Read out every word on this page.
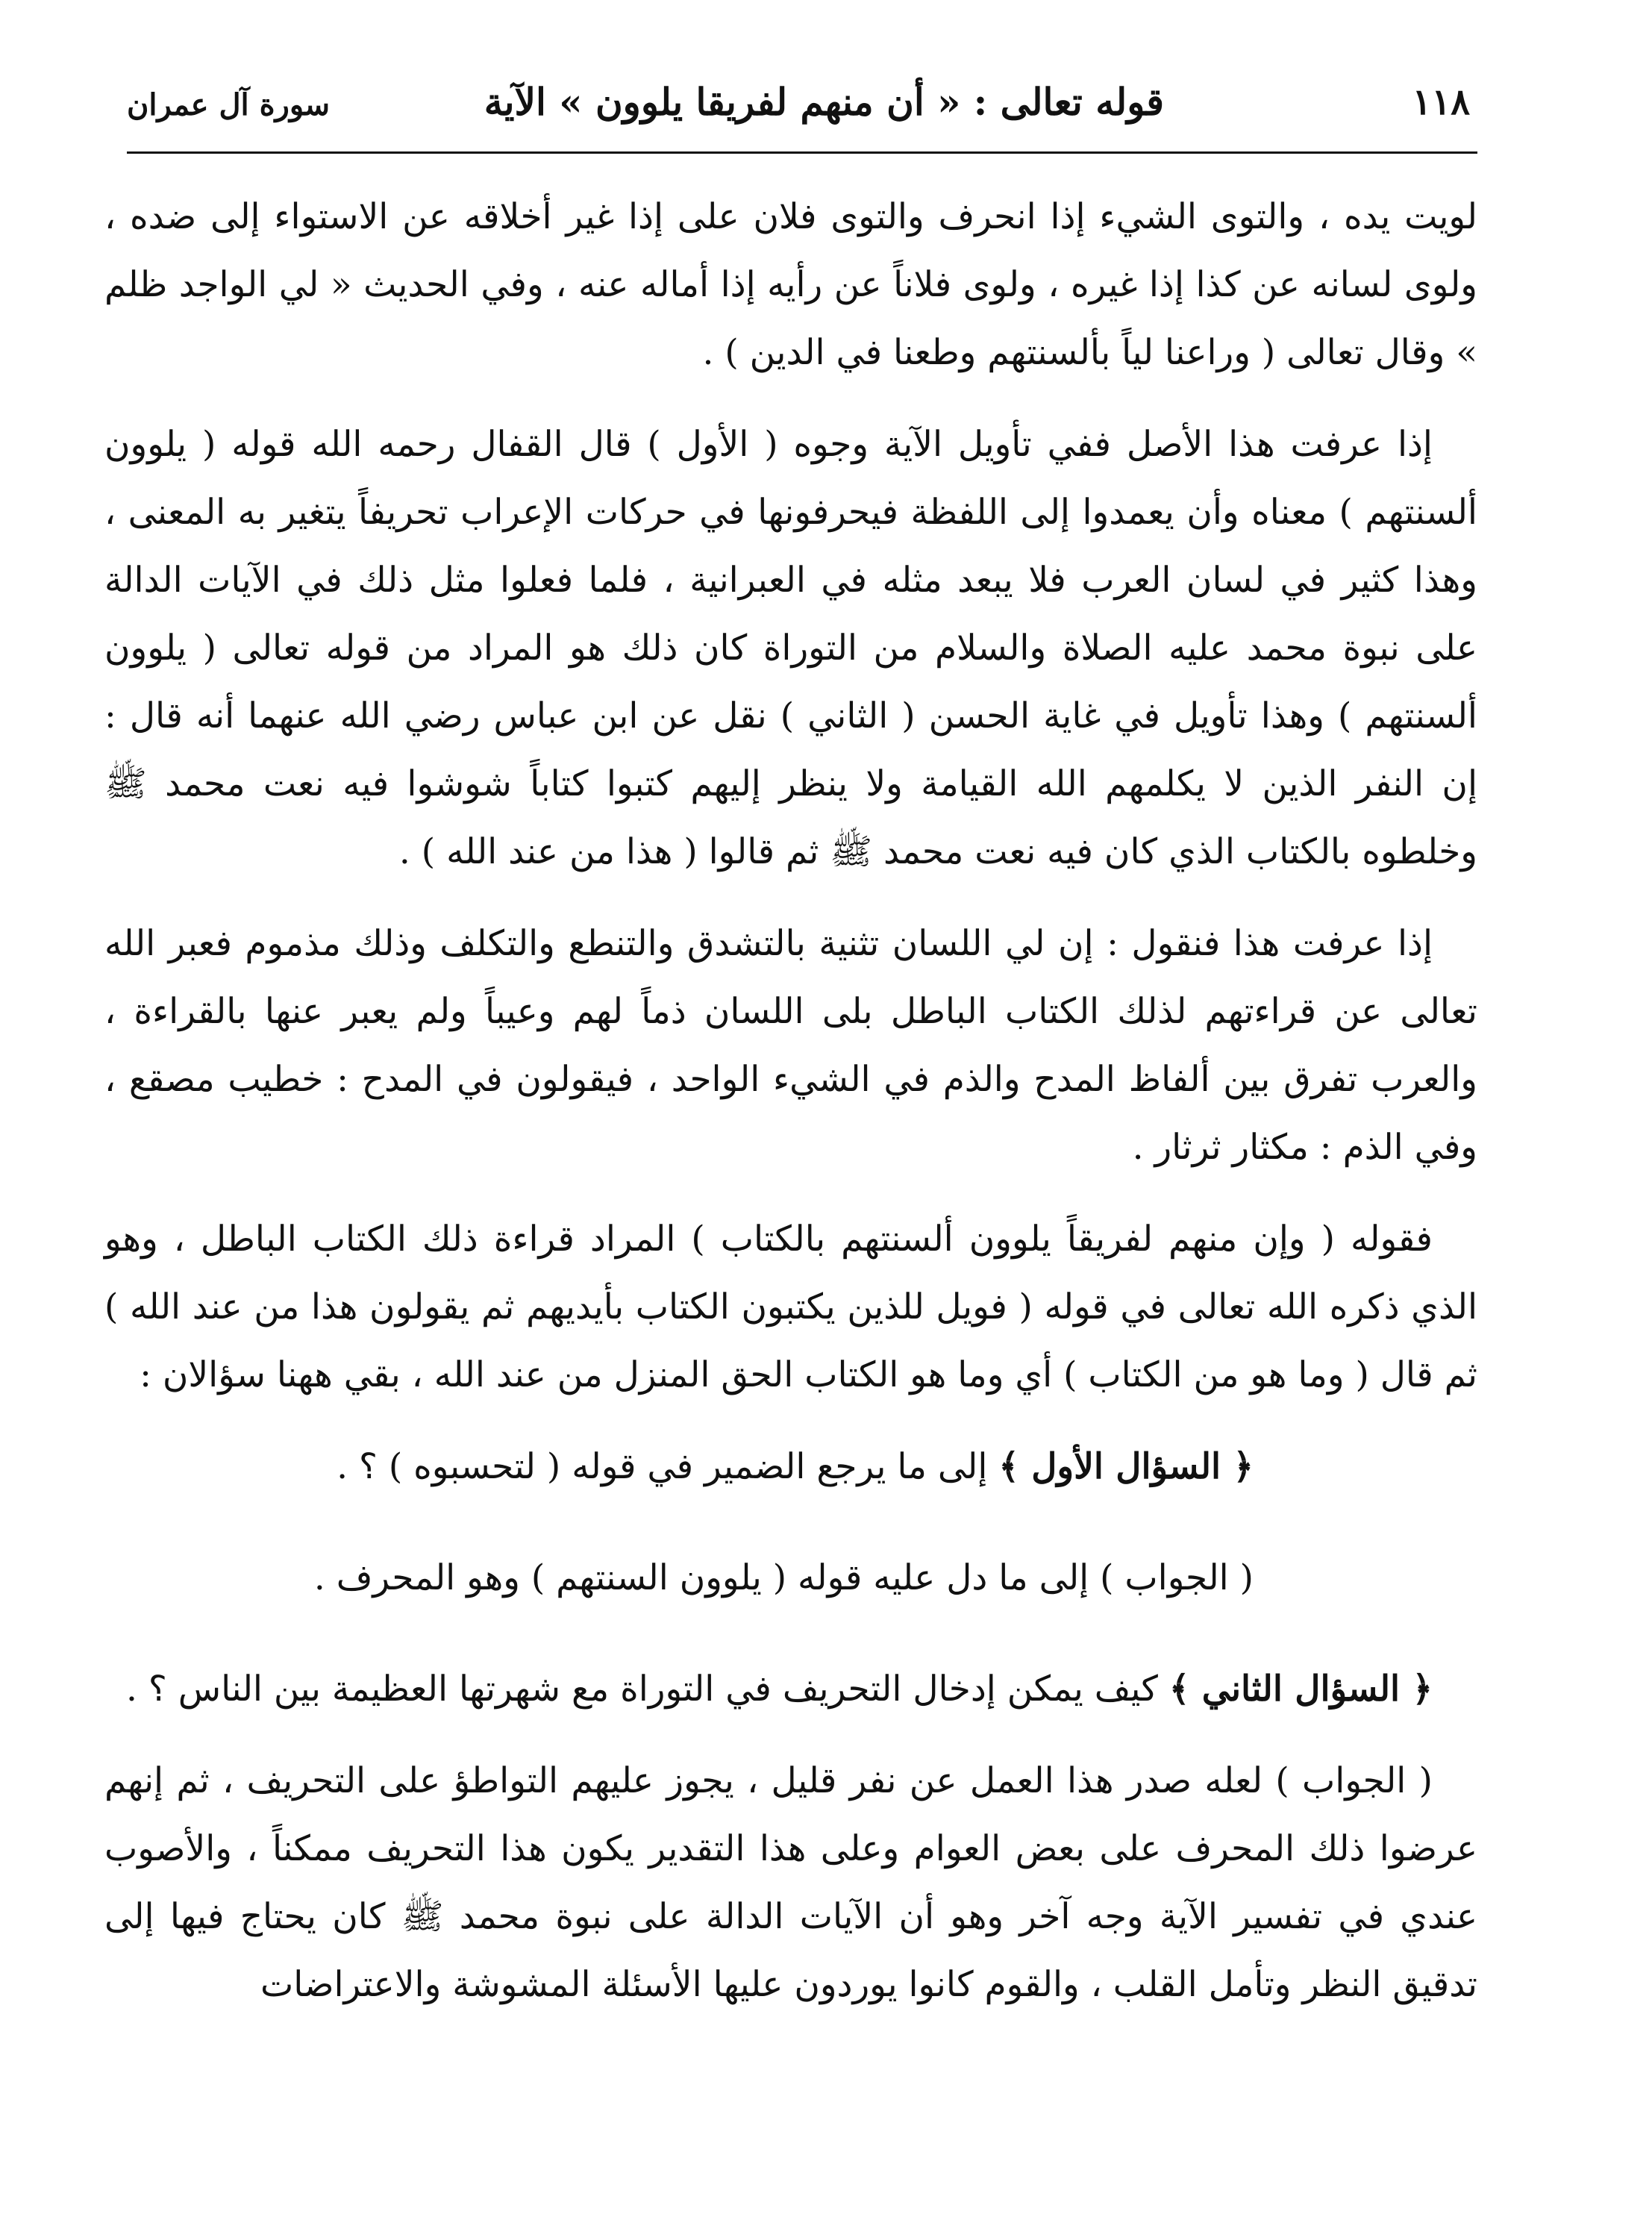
١١٨
قوله تعالى : « أن منهم لفريقا يلوون » الآية
سورة آل عمران

لويت يده ، والتوى الشيء إذا انحرف والتوى فلان على إذا غير أخلاقه عن الاستواء إلى ضده ، ولوى لسانه عن كذا إذا غيره ، ولوى فلاناً عن رأيه إذا أماله عنه ، وفي الحديث « لي الواجد ظلم » وقال تعالى ( وراعنا لياً بألسنتهم وطعنا في الدين ) .

إذا عرفت هذا الأصل ففي تأويل الآية وجوه ( الأول ) قال القفال رحمه الله قوله ( يلوون ألسنتهم ) معناه وأن يعمدوا إلى اللفظة فيحرفونها في حركات الإعراب تحريفاً يتغير به المعنى ، وهذا كثير في لسان العرب فلا يبعد مثله في العبرانية ، فلما فعلوا مثل ذلك في الآيات الدالة على نبوة محمد عليه الصلاة والسلام من التوراة كان ذلك هو المراد من قوله تعالى ( يلوون ألسنتهم ) وهذا تأويل في غاية الحسن ( الثاني ) نقل عن ابن عباس رضي الله عنهما أنه قال : إن النفر الذين لا يكلمهم الله القيامة ولا ينظر إليهم كتبوا كتاباً شوشوا فيه نعت محمد ﷺ وخلطوه بالكتاب الذي كان فيه نعت محمد ﷺ ثم قالوا ( هذا من عند الله ) .

إذا عرفت هذا فنقول : إن لي اللسان تثنية بالتشدق والتنطع والتكلف وذلك مذموم فعبر الله تعالى عن قراءتهم لذلك الكتاب الباطل بلى اللسان ذماً لهم وعيباً ولم يعبر عنها بالقراءة ، والعرب تفرق بين ألفاظ المدح والذم في الشيء الواحد ، فيقولون في المدح : خطيب مصقع ، وفي الذم : مكثار ثرثار .

فقوله ( وإن منهم لفريقاً يلوون ألسنتهم بالكتاب ) المراد قراءة ذلك الكتاب الباطل ، وهو الذي ذكره الله تعالى في قوله ( فويل للذين يكتبون الكتاب بأيديهم ثم يقولون هذا من عند الله ) ثم قال ( وما هو من الكتاب ) أي وما هو الكتاب الحق المنزل من عند الله ، بقي ههنا سؤالان :

﴿ السؤال الأول ﴾ إلى ما يرجع الضمير في قوله ( لتحسبوه ) ؟ .

( الجواب ) إلى ما دل عليه قوله ( يلوون السنتهم ) وهو المحرف .

﴿ السؤال الثاني ﴾ كيف يمكن إدخال التحريف في التوراة مع شهرتها العظيمة بين الناس ؟ .

( الجواب ) لعله صدر هذا العمل عن نفر قليل ، يجوز عليهم التواطؤ على التحريف ، ثم إنهم عرضوا ذلك المحرف على بعض العوام وعلى هذا التقدير يكون هذا التحريف ممكناً ، والأصوب عندي في تفسير الآية وجه آخر وهو أن الآيات الدالة على نبوة محمد ﷺ كان يحتاج فيها إلى تدقيق النظر وتأمل القلب ، والقوم كانوا يوردون عليها الأسئلة المشوشة والاعتراضات
